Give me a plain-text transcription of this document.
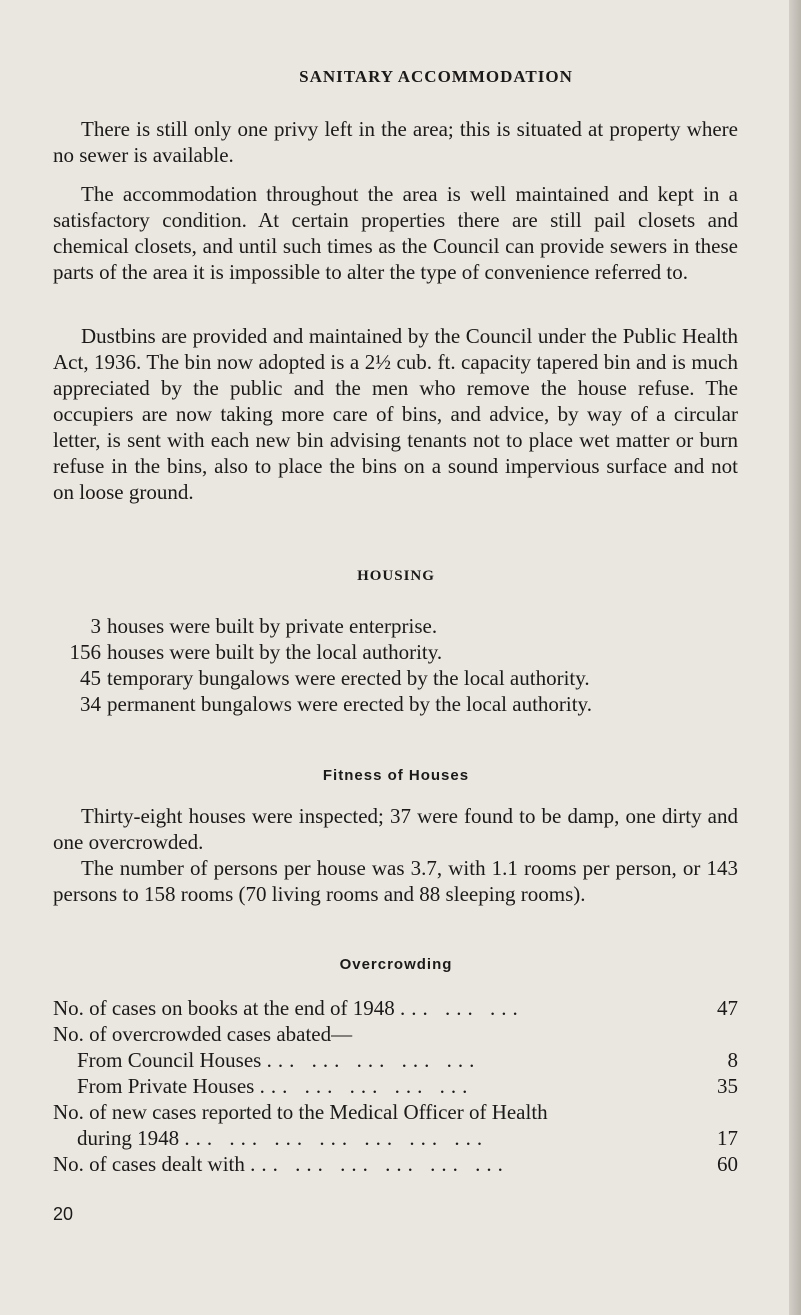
SANITARY ACCOMMODATION

There is still only one privy left in the area; this is situated at property where no sewer is available.

The accommodation throughout the area is well maintained and kept in a satisfactory condition. At certain properties there are still pail closets and chemical closets, and until such times as the Council can provide sewers in these parts of the area it is impossible to alter the type of convenience referred to.

Dustbins are provided and maintained by the Council under the Public Health Act, 1936. The bin now adopted is a 2½ cub. ft. capacity tapered bin and is much appreciated by the public and the men who remove the house refuse. The occupiers are now taking more care of bins, and advice, by way of a circular letter, is sent with each new bin advising tenants not to place wet matter or burn refuse in the bins, also to place the bins on a sound impervious surface and not on loose ground.

HOUSING
3 houses were built by private enterprise.
156 houses were built by the local authority.
45 temporary bungalows were erected by the local authority.
34 permanent bungalows were erected by the local authority.
Fitness of Houses

Thirty-eight houses were inspected; 37 were found to be damp, one dirty and one overcrowded.

The number of persons per house was 3.7, with 1.1 rooms per person, or 143 persons to 158 rooms (70 living rooms and 88 sleeping rooms).

Overcrowding
No. of cases on books at the end of 1948 ... ... ...	47
No. of overcrowded cases abated—
From Council Houses ... ... ... ... ...	8
From Private Houses ... ... ... ... ...	35
No. of new cases reported to the Medical Officer of Health
during 1948 ... ... ... ... ... ... ...	17
No. of cases dealt with ... ... ... ... ... ...	60
20
